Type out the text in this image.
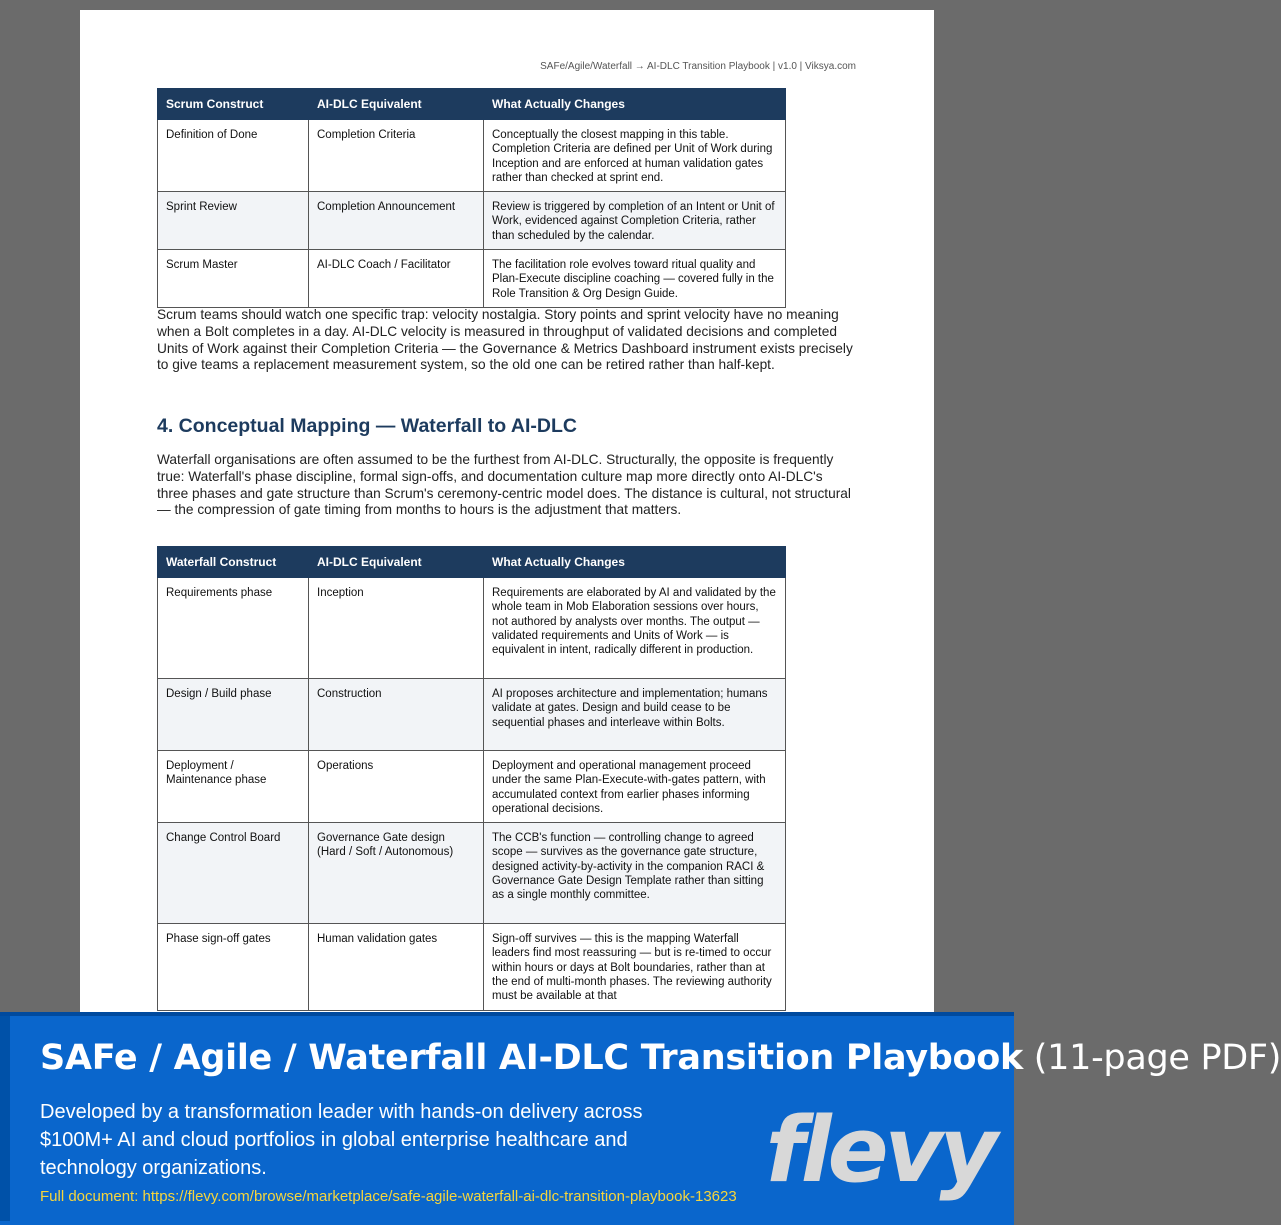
SAFe/Agile/Waterfall → AI-DLC Transition Playbook | v1.0 | Viksya.com
Scrum Construct	AI-DLC Equivalent	What Actually Changes
Definition of Done	Completion Criteria	Conceptually the closest mapping in this table. Completion Criteria are defined per Unit of Work during Inception and are enforced at human validation gates rather than checked at sprint end.
Sprint Review	Completion Announcement	Review is triggered by completion of an Intent or Unit of Work, evidenced against Completion Criteria, rather than scheduled by the calendar.
Scrum Master	AI-DLC Coach / Facilitator	The facilitation role evolves toward ritual quality and Plan-Execute discipline coaching — covered fully in the Role Transition & Org Design Guide.
Scrum teams should watch one specific trap: velocity nostalgia. Story points and sprint velocity have no meaning when a Bolt completes in a day. AI-DLC velocity is measured in throughput of validated decisions and completed Units of Work against their Completion Criteria — the Governance & Metrics Dashboard instrument exists precisely to give teams a replacement measurement system, so the old one can be retired rather than half-kept.
4. Conceptual Mapping — Waterfall to AI-DLC
Waterfall organisations are often assumed to be the furthest from AI-DLC. Structurally, the opposite is frequently true: Waterfall's phase discipline, formal sign-offs, and documentation culture map more directly onto AI-DLC's three phases and gate structure than Scrum's ceremony-centric model does. The distance is cultural, not structural — the compression of gate timing from months to hours is the adjustment that matters.
Waterfall Construct	AI-DLC Equivalent	What Actually Changes
Requirements phase	Inception	Requirements are elaborated by AI and validated by the whole team in Mob Elaboration sessions over hours, not authored by analysts over months. The output — validated requirements and Units of Work — is equivalent in intent, radically different in production.
Design / Build phase	Construction	AI proposes architecture and implementation; humans validate at gates. Design and build cease to be sequential phases and interleave within Bolts.
Deployment / Maintenance phase	Operations	Deployment and operational management proceed under the same Plan-Execute-with-gates pattern, with accumulated context from earlier phases informing operational decisions.
Change Control Board	Governance Gate design (Hard / Soft / Autonomous)	The CCB's function — controlling change to agreed scope — survives as the governance gate structure, designed activity-by-activity in the companion RACI & Governance Gate Design Template rather than sitting as a single monthly committee.
Phase sign-off gates	Human validation gates	Sign-off survives — this is the mapping Waterfall leaders find most reassuring — but is re-timed to occur within hours or days at Bolt boundaries, rather than at the end of multi-month phases. The reviewing authority must be available at that
SAFe / Agile / Waterfall AI-DLC Transition Playbook (11-page PDF)
Developed by a transformation leader with hands-on delivery across $100M+ AI and cloud portfolios in global enterprise healthcare and technology organizations.
Full document: https://flevy.com/browse/marketplace/safe-agile-waterfall-ai-dlc-transition-playbook-13623 flevy
